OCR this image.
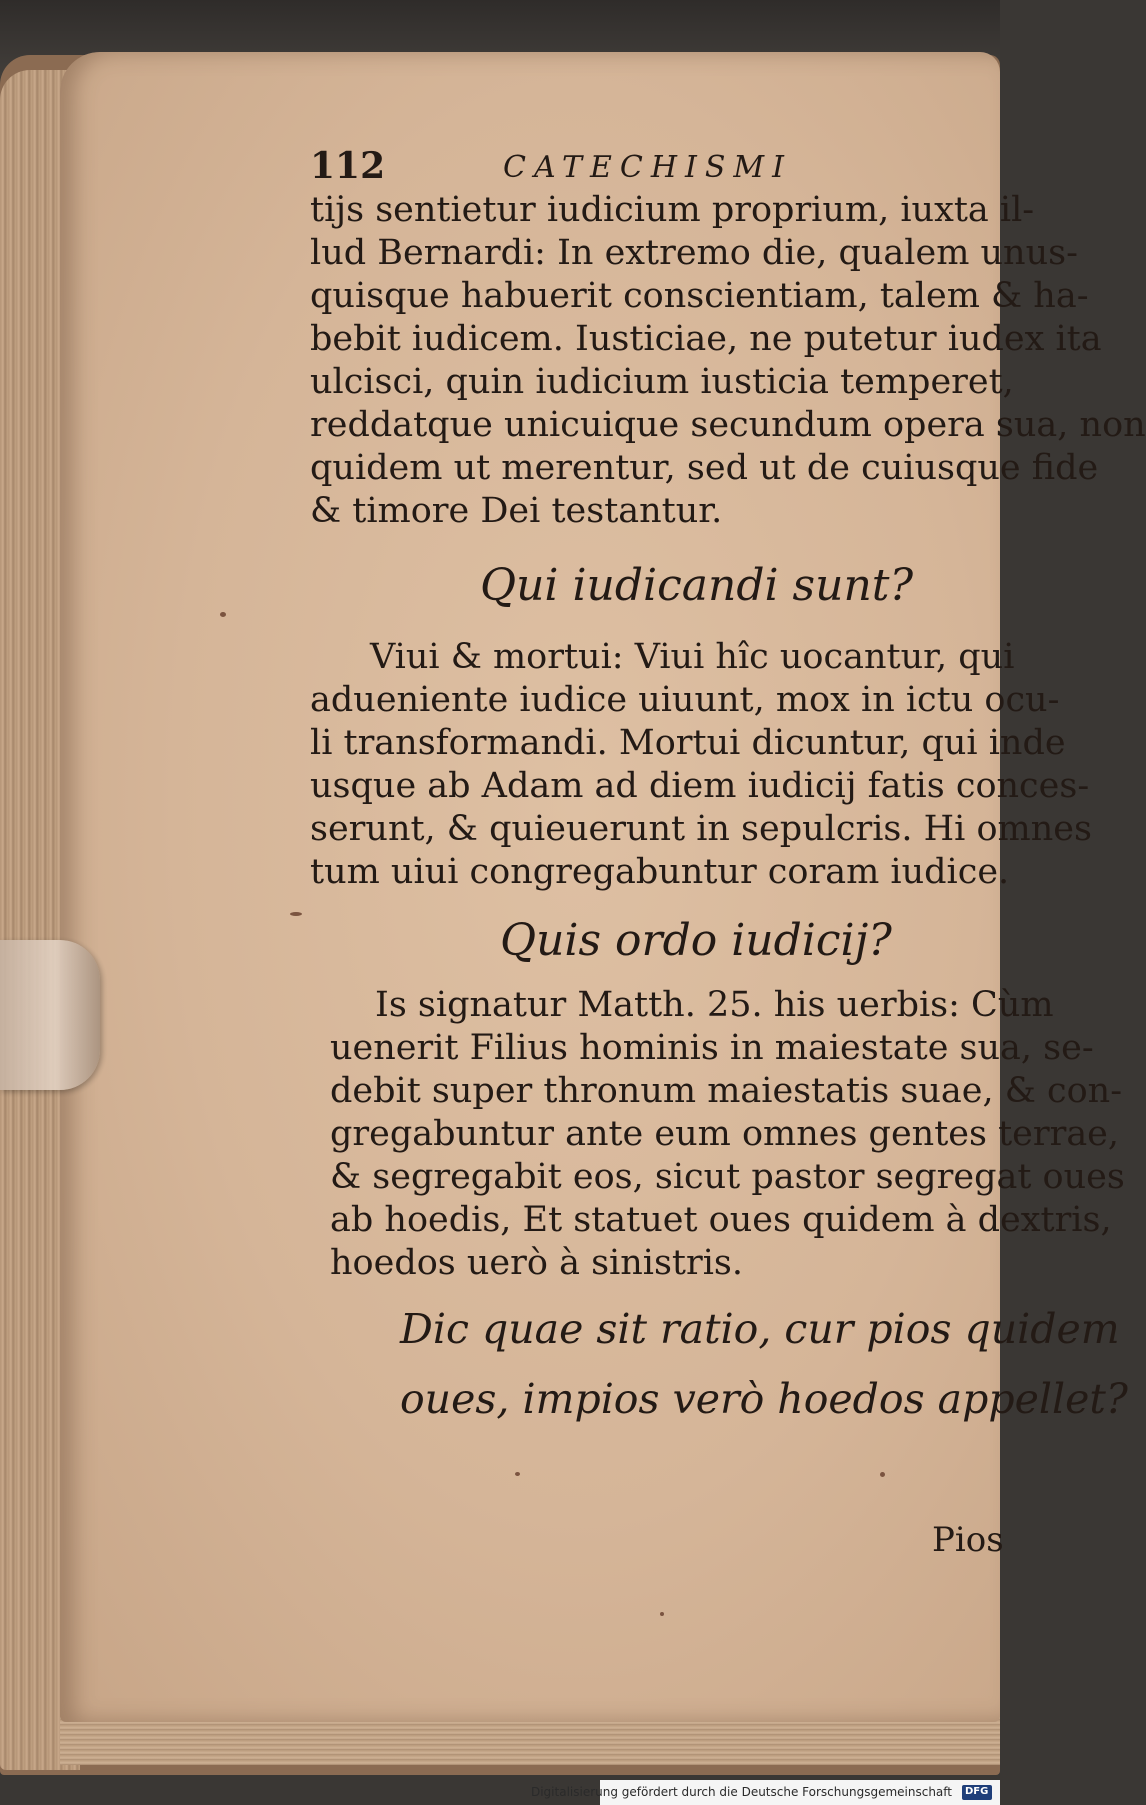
112	CATECHISMI
tijs sentietur iudicium proprium, iuxta il-
lud Bernardi: In extremo die, qualem unus-
quisque habuerit conscientiam, talem & ha-
bebit iudicem. Iusticiae, ne putetur iudex ita
ulcisci, quin iudicium iusticia temperet,
reddatque unicuique secundum opera sua, non
quidem ut merentur, sed ut de cuiusque fide
& timore Dei testantur.
Qui iudicandi sunt?
Viui & mortui: Viui hîc uocantur, qui
adueniente iudice uiuunt, mox in ictu ocu-
li transformandi. Mortui dicuntur, qui inde
usque ab Adam ad diem iudicij fatis conces-
serunt, & quieuerunt in sepulcris. Hi omnes
tum uiui congregabuntur coram iudice.
Quis ordo iudicij?
Is signatur Matth. 25. his uerbis: Cùm
uenerit Filius hominis in maiestate sua, se-
debit super thronum maiestatis suae, & con-
gregabuntur ante eum omnes gentes terrae,
& segregabit eos, sicut pastor segregat oues
ab hoedis, Et statuet oues quidem à dextris,
hoedos uerò à sinistris.
Dic quae sit ratio, cur pios quidem
oues, impios verò hoedos appellet?
Pios
Digitalisierung gefördert durch die Deutsche Forschungsgemeinschaft DFG
